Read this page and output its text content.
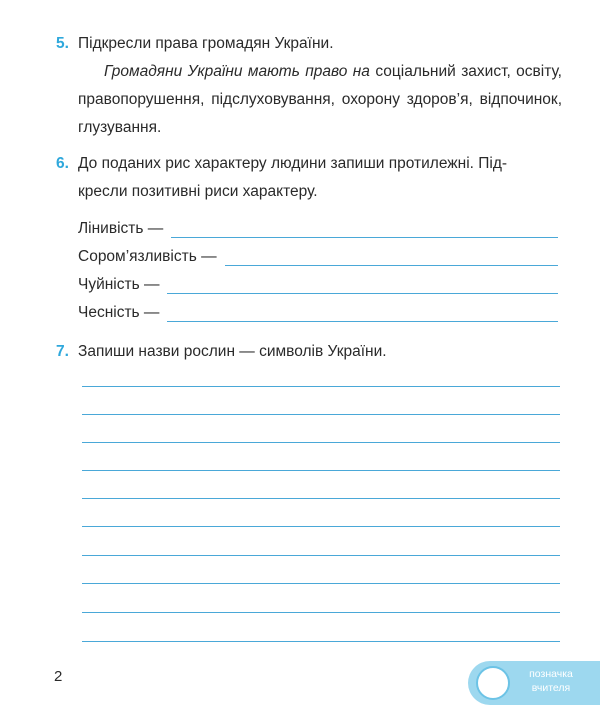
5. Підкресли права громадян України.
Громадяни України мають право на соціальний захист, освіту, правопорушення, підслуховування, охорону здоров’я, відпочинок, глузування.
6. До поданих рис характеру людини запиши протилежні. Під-
кресли позитивні риси характеру.
Лінивість —
Сором’язливість —
Чуйність —
Чесність —
7. Запиши назви рослин — символів України.
2	позначка
вчителя
